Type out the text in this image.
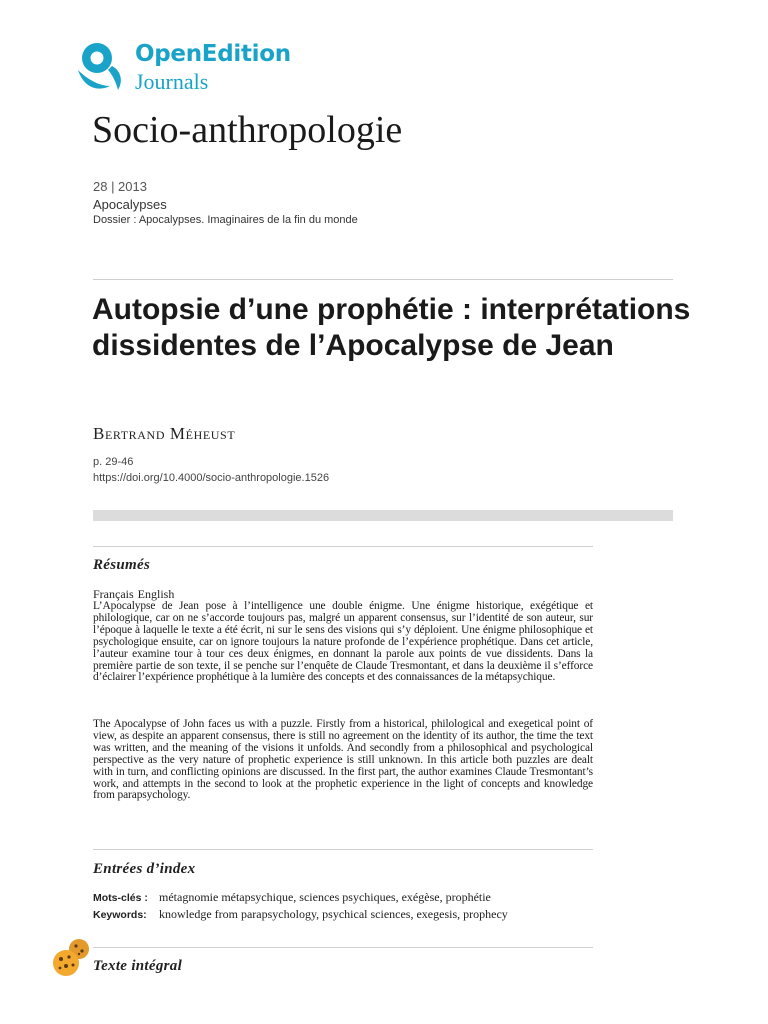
OpenEdition
Journals
Socio-anthropologie
28 | 2013
Apocalypses
Dossier : Apocalypses. Imaginaires de la fin du monde
Autopsie d’une prophétie : interprétations dissidentes de l’Apocalypse de Jean
Bertrand Méheust
p. 29-46
https://doi.org/10.4000/socio-anthropologie.1526
Résumés
Français English

L’Apocalypse de Jean pose à l’intelligence une double énigme. Une énigme historique, exégétique et philologique, car on ne s’accorde toujours pas, malgré un apparent consensus, sur l’identité de son auteur, sur l’époque à laquelle le texte a été écrit, ni sur le sens des visions qui s’y déploient. Une énigme philosophique et psychologique ensuite, car on ignore toujours la nature profonde de l’expérience prophétique. Dans cet article, l’auteur examine tour à tour ces deux énigmes, en donnant la parole aux points de vue dissidents. Dans la première partie de son texte, il se penche sur l’enquête de Claude Tresmontant, et dans la deuxième il s’efforce d’éclairer l’expérience prophétique à la lumière des concepts et des connaissances de la métapsychique.

The Apocalypse of John faces us with a puzzle. Firstly from a historical, philological and exegetical point of view, as despite an apparent consensus, there is still no agreement on the identity of its author, the time the text was written, and the meaning of the visions it unfolds. And secondly from a philosophical and psychological perspective as the very nature of prophetic experience is still unknown. In this article both puzzles are dealt with in turn, and conflicting opinions are discussed. In the first part, the author examines Claude Tresmontant’s work, and attempts in the second to look at the prophetic experience in the light of concepts and knowledge from parapsychology.

Entrées d’index
Mots-clés : métagnomie métapsychique, sciences psychiques, exégèse, prophétie
Keywords: knowledge from parapsychology, psychical sciences, exegesis, prophecy
Texte intégral
